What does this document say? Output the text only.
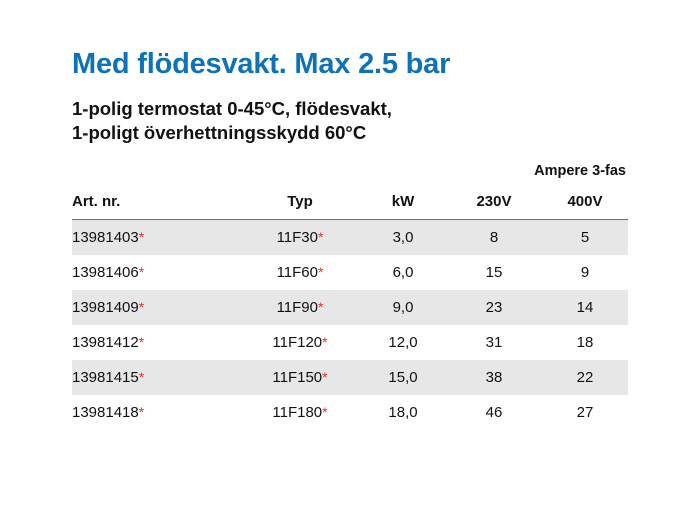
Med flödesvakt. Max 2.5 bar
1-polig termostat 0-45°C, flödesvakt,
1-poligt överhettningsskydd 60°C
Ampere 3-fas
Art. nr.	Typ	kW	230V	400V
13981403*	11F30*	3,0	8	5
13981406*	11F60*	6,0	15	9
13981409*	11F90*	9,0	23	14
13981412*	11F120*	12,0	31	18
13981415*	11F150*	15,0	38	22
13981418*	11F180*	18,0	46	27
